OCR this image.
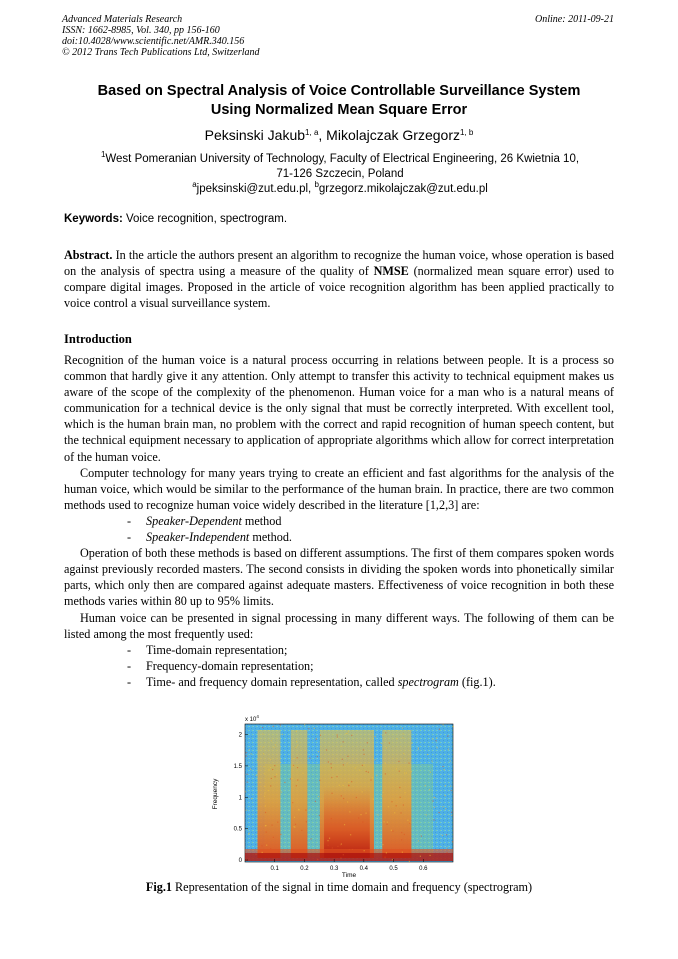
Advanced Materials Research
ISSN: 1662-8985, Vol. 340, pp 156-160
doi:10.4028/www.scientific.net/AMR.340.156
© 2012 Trans Tech Publications Ltd, Switzerland
Online: 2011-09-21
Based on Spectral Analysis of Voice Controllable Surveillance System
Using Normalized Mean Square Error
Peksinski Jakub$^{1, a}$, Mikolajczak Grzegorz$^{1, b}$
$^1$West Pomeranian University of Technology, Faculty of Electrical Engineering, 26 Kwietnia 10,
71-126 Szczecin, Poland
$^a$jpeksinski@zut.edu.pl, $^b$grzegorz.mikolajczak@zut.edu.pl
Keywords: Voice recognition, spectrogram.
Abstract. In the article the authors present an algorithm to recognize the human voice, whose operation is based on the analysis of spectra using a measure of the quality of NMSE (normalized mean square error) used to compare digital images. Proposed in the article of voice recognition algorithm has been applied practically to voice control a visual surveillance system.
Introduction

Recognition of the human voice is a natural process occurring in relations between people. It is a process so common that hardly give it any attention. Only attempt to transfer this activity to technical equipment makes us aware of the scope of the complexity of the phenomenon. Human voice for a man who is a natural means of communication for a technical device is the only signal that must be correctly interpreted. With excellent tool, which is the human brain man, no problem with the correct and rapid recognition of human speech content, but the technical equipment necessary to application of appropriate algorithms which allow for correct interpretation of the human voice.

Computer technology for many years trying to create an efficient and fast algorithms for the analysis of the human voice, which would be similar to the performance of the human brain. In practice, there are two common methods used to recognize human voice widely described in the literature [1,2,3] are:

- Speaker-Dependent method
- Speaker-Independent method.

Operation of both these methods is based on different assumptions. The first of them compares spoken words against previously recorded masters. The second consists in dividing the spoken words into phonetically similar parts, which only then are compared against adequate masters. Effectiveness of voice recognition in both these methods varies within 80 up to 95% limits.

Human voice can be presented in signal processing in many different ways. The following of them can be listed among the most frequently used:

- Time-domain representation;
- Frequency-domain representation;
- Time- and frequency domain representation, called spectrogram (fig.1).
0
0.5
1
1.5
2
0.1	0.2	0.3	0.4	0.5	0.6
x $10^4$
Frequency
Time
Fig.1 Representation of the signal in time domain and frequency (spectrogram)
